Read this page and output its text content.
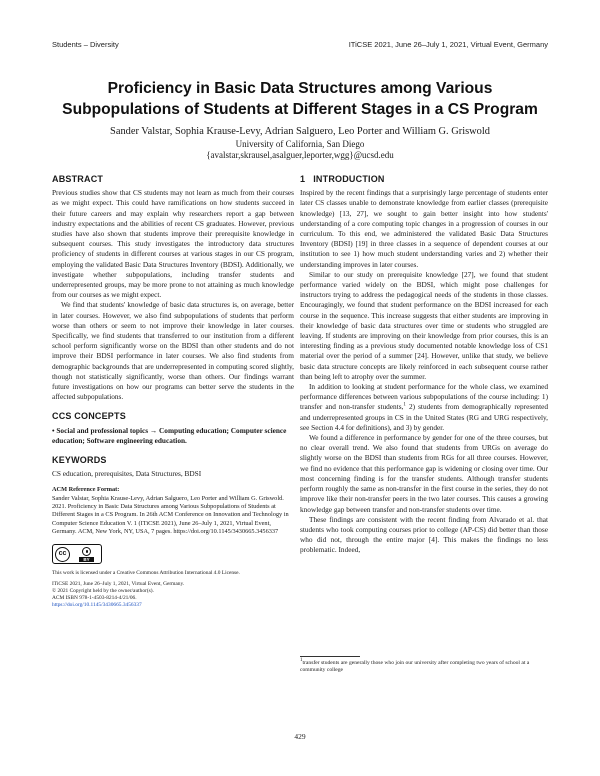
Students – Diversity	ITiCSE 2021, June 26–July 1, 2021, Virtual Event, Germany
Proficiency in Basic Data Structures among Various
Subpopulations of Students at Different Stages in a CS Program
Sander Valstar, Sophia Krause-Levy, Adrian Salguero, Leo Porter and William G. Griswold
University of California, San Diego
{avalstar,skrausel,asalguer,leporter,wgg}@ucsd.edu
ABSTRACT

Previous studies show that CS students may not learn as much from their courses as we might expect. This could have ramifications on how students succeed in their future careers and may explain why researchers report a gap between industry expectations and the abilities of recent CS graduates. However, previous studies have also shown that students improve their prerequisite knowledge in subsequent courses. This study investigates the introductory data structures proficiency of students in different courses at various stages in our CS program, employing the validated Basic Data Structures Inventory (BDSI). Additionally, we investigate whether subpopulations, including transfer students and underrepresented groups, may be more prone to not attaining as much knowledge from our courses as we might expect.

We find that students' knowledge of basic data structures is, on average, better in later courses. However, we also find subpopulations of students that perform worse than others or seem to not improve their knowledge in later courses. Specifically, we find students that transferred to our institution from a different school perform significantly worse on the BDSI than other students and do not improve their BDSI performance in later courses. We also find students from demographic backgrounds that are underrepresented in computing scored slightly, though not statistically significantly, worse than others. Our findings warrant future investigations on how our programs can better serve the students in the affected subpopulations.

CCS CONCEPTS

• Social and professional topics → Computing education; Computer science education; Software engineering education.

KEYWORDS

CS education, prerequisites, Data Structures, BDSI

ACM Reference Format:
Sander Valstar, Sophia Krause-Levy, Adrian Salguero, Leo Porter and William G. Griswold. 2021. Proficiency in Basic Data Structures among Various Subpopulations of Students at Different Stages in a CS Program. In 26th ACM Conference on Innovation and Technology in Computer Science Education V. 1 (ITiCSE 2021), June 26–July 1, 2021, Virtual Event, Germany. ACM, New York, NY, USA, 7 pages. https://doi.org/10.1145/3430665.3456337
cc
BY
This work is licensed under a Creative Commons Attribution International 4.0 License.
ITiCSE 2021, June 26–July 1, 2021, Virtual Event, Germany.
© 2021 Copyright held by the owner/author(s).
ACM ISBN 978-1-4503-8214-4/21/06.
https://doi.org/10.1145/3430665.3456337
1 INTRODUCTION

Inspired by the recent findings that a surprisingly large percentage of students enter later CS classes unable to demonstrate knowledge from earlier classes (prerequisite knowledge) [13, 27], we sought to gain better insight into how students' understanding of a core computing topic changes in a progression of courses in our curriculum. To this end, we administered the validated Basic Data Structures Inventory (BDSI) [19] in three classes in a sequence of dependent courses at our institution to see 1) how much student understanding varies and 2) whether their understanding improves in later courses.

Similar to our study on prerequisite knowledge [27], we found that student performance varied widely on the BDSI, which might pose challenges for instructors trying to address the pedagogical needs of the students in those classes. Encouragingly, we found that student performance on the BDSI increased for each course in the sequence. This increase suggests that either students are improving in their knowledge of basic data structures over time or students who struggled are leaving. If students are improving on their knowledge from prior courses, this is an interesting finding as a previous study documented notable knowledge loss of CS1 material over the period of a summer [24]. However, unlike that study, we believe basic data structure concepts are likely reinforced in each subsequent course rather than being left to atrophy over the summer.

In addition to looking at student performance for the whole class, we examined performance differences between various subpopulations of the course including: 1) transfer and non-transfer students,$^1$ 2) students from demographically represented and underrepresented groups in CS in the United States (RG and URG respectively, see Section 4.4 for definitions), and 3) by gender.

We found a difference in performance by gender for one of the three courses, but no clear overall trend. We also found that students from URGs on average do slightly worse on the BDSI than students from RGs for all three courses. However, we find no evidence that this performance gap is widening or closing over time. Our most concerning finding is for the transfer students. Although transfer students perform roughly the same as non-transfer in the first course in the series, they do not improve like their non-transfer peers in the two later courses. This causes a growing knowledge gap between transfer and non-transfer students over time.

These findings are consistent with the recent finding from Alvarado et al. that students who took computing courses prior to college (AP-CS) did better than those who did not, through the entire major [4]. This makes the findings no less problematic. Indeed,

$^1$transfer students are generally those who join our university after completing two years of school at a community college
429
